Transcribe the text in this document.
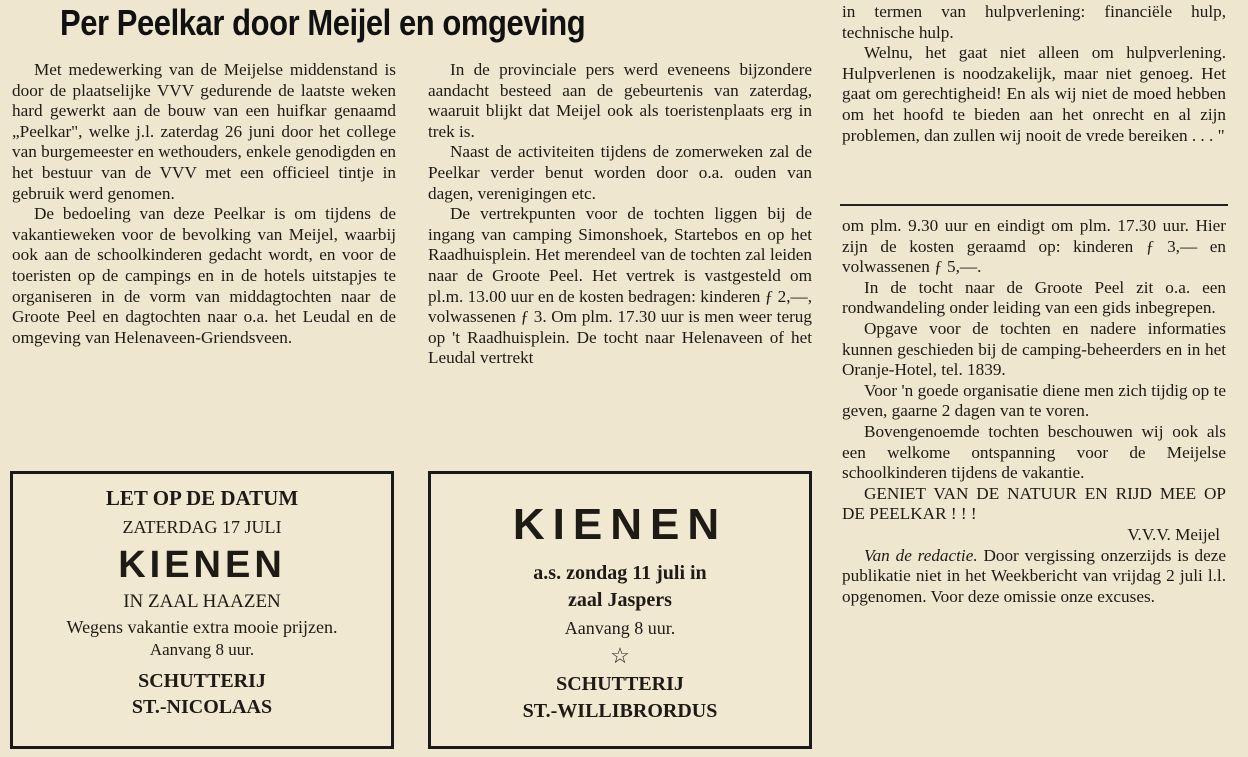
Per Peelkar door Meijel en omgeving

Met medewerking van de Meijelse middenstand is door de plaatselijke VVV gedurende de laatste weken hard gewerkt aan de bouw van een huifkar genaamd „Peelkar", welke j.l. zaterdag 26 juni door het college van burgemeester en wethouders, enkele genodigden en het bestuur van de VVV met een officieel tintje in gebruik werd genomen.

De bedoeling van deze Peelkar is om tijdens de vakantieweken voor de bevolking van Meijel, waarbij ook aan de schoolkinderen gedacht wordt, en voor de toeristen op de campings en in de hotels uitstapjes te organiseren in de vorm van middagtochten naar de Groote Peel en dagtochten naar o.a. het Leudal en de omgeving van Helenaveen-Griendsveen.

In de provinciale pers werd eveneens bijzondere aandacht besteed aan de gebeurtenis van zaterdag, waaruit blijkt dat Meijel ook als toeristenplaats erg in trek is.

Naast de activiteiten tijdens de zomerweken zal de Peelkar verder benut worden door o.a. ouden van dagen, verenigingen etc.

De vertrekpunten voor de tochten liggen bij de ingang van camping Simonshoek, Startebos en op het Raadhuisplein. Het merendeel van de tochten zal leiden naar de Groote Peel. Het vertrek is vastgesteld om pl.m. 13.00 uur en de kosten bedragen: kinderen ƒ 2,—, volwassenen ƒ 3. Om plm. 17.30 uur is men weer terug op 't Raadhuisplein. De tocht naar Helenaveen of het Leudal vertrekt

in termen van hulpverlening: financiële hulp, technische hulp.

Welnu, het gaat niet alleen om hulpverlening. Hulpverlenen is noodzakelijk, maar niet genoeg. Het gaat om gerechtigheid! En als wij niet de moed hebben om het hoofd te bieden aan het onrecht en al zijn problemen, dan zullen wij nooit de vrede bereiken . . . "

om plm. 9.30 uur en eindigt om plm. 17.30 uur. Hier zijn de kosten geraamd op: kinderen ƒ 3,— en volwassenen ƒ 5,—.

In de tocht naar de Groote Peel zit o.a. een rondwandeling onder leiding van een gids inbegrepen.

Opgave voor de tochten en nadere informaties kunnen geschieden bij de camping-beheerders en in het Oranje-Hotel, tel. 1839.

Voor 'n goede organisatie diene men zich tijdig op te geven, gaarne 2 dagen van te voren.

Bovengenoemde tochten beschouwen wij ook als een welkome ontspanning voor de Meijelse schoolkinderen tijdens de vakantie.

GENIET VAN DE NATUUR EN RIJD MEE OP DE PEELKAR ! ! !

V.V.V. Meijel

Van de redactie. Door vergissing onzerzijds is deze publikatie niet in het Weekbericht van vrijdag 2 juli l.l. opgenomen. Voor deze omissie onze excuses.

LET OP DE DATUM
ZATERDAG 17 JULI
KIENEN
IN ZAAL HAAZEN
Wegens vakantie extra mooie prijzen.
Aanvang 8 uur.
SCHUTTERIJ
ST.-NICOLAAS
KIENEN
a.s. zondag 11 juli in
zaal Jaspers
Aanvang 8 uur.
☆
SCHUTTERIJ
ST.-WILLIBRORDUS
